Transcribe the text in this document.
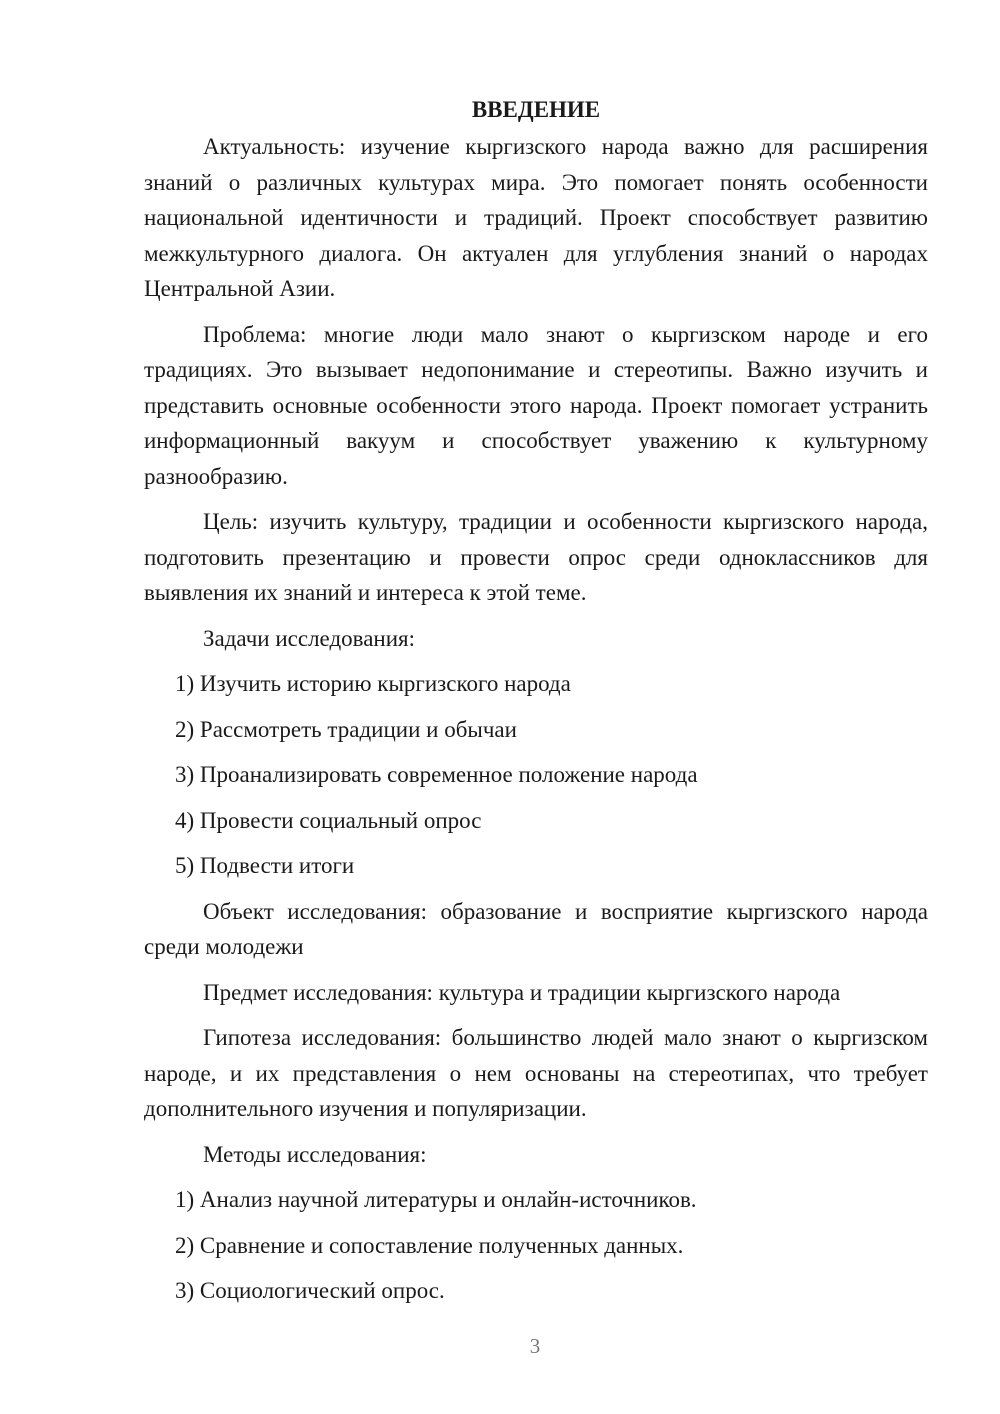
ВВЕДЕНИЕ

Актуальность: изучение кыргизского народа важно для расширения знаний о различных культурах мира. Это помогает понять особенности национальной идентичности и традиций. Проект способствует развитию межкультурного диалога. Он актуален для углубления знаний о народах Центральной Азии.

Проблема: многие люди мало знают о кыргизском народе и его традициях. Это вызывает недопонимание и стереотипы. Важно изучить и представить основные особенности этого народа. Проект помогает устранить информационный вакуум и способствует уважению к культурному разнообразию.

Цель: изучить культуру, традиции и особенности кыргизского народа, подготовить презентацию и провести опрос среди одноклассников для выявления их знаний и интереса к этой теме.

Задачи исследования:

1) Изучить историю кыргизского народа
2) Рассмотреть традиции и обычаи
3) Проанализировать современное положение народа
4) Провести социальный опрос
5) Подвести итоги

Объект исследования: образование и восприятие кыргизского народа среди молодежи

Предмет исследования: культура и традиции кыргизского народа

Гипотеза исследования: большинство людей мало знают о кыргизском народе, и их представления о нем основаны на стереотипах, что требует дополнительного изучения и популяризации.

Методы исследования:

1) Анализ научной литературы и онлайн-источников.
2) Сравнение и сопоставление полученных данных.
3) Социологический опрос.
3
